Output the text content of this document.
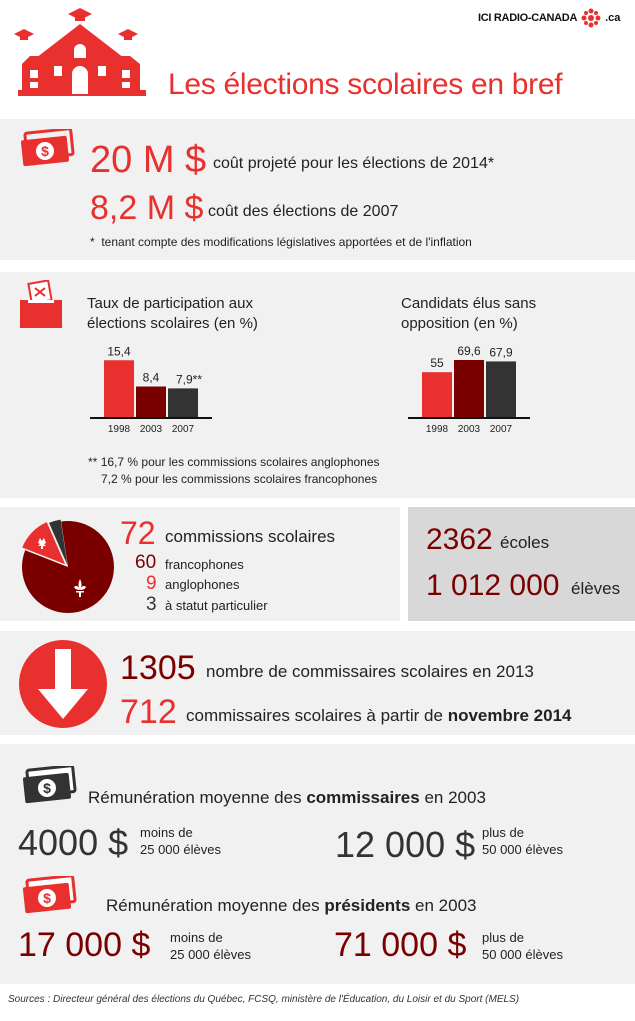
ICI RADIO-CANADA	.ca
Les élections scolaires en bref
$ 20 M $ coût projeté pour les élections de 2014*
8,2 M $ coût des élections de 2007
* tenant compte des modifications législatives apportées et de l'inflation
Taux de participation aux élections scolaires (en %)
15,4
1998
8,4
2003
7,9**
2007
Candidats élus sans opposition (en %)
55
1998
69,6
2003
67,9
2007
** 16,7 % pour les commissions scolaires anglophones
7,2 % pour les commissions scolaires francophones
72 commissions scolaires
60 francophones
9 anglophones
3 à statut particulier
2362 écoles
1 012 000 élèves
1305 nombre de commissaires scolaires en 2013
712 commissaires scolaires à partir de novembre 2014
$ Rémunération moyenne des commissaires en 2003
4000 $ moins de
25 000 élèves	12 000 $ plus de
50 000 élèves
$	Rémunération moyenne des présidents en 2003
17 000 $ moins de
25 000 élèves 71 000 $ plus de
50 000 élèves
Sources : Directeur général des élections du Québec, FCSQ, ministère de l'Éducation, du Loisir et du Sport (MELS)
